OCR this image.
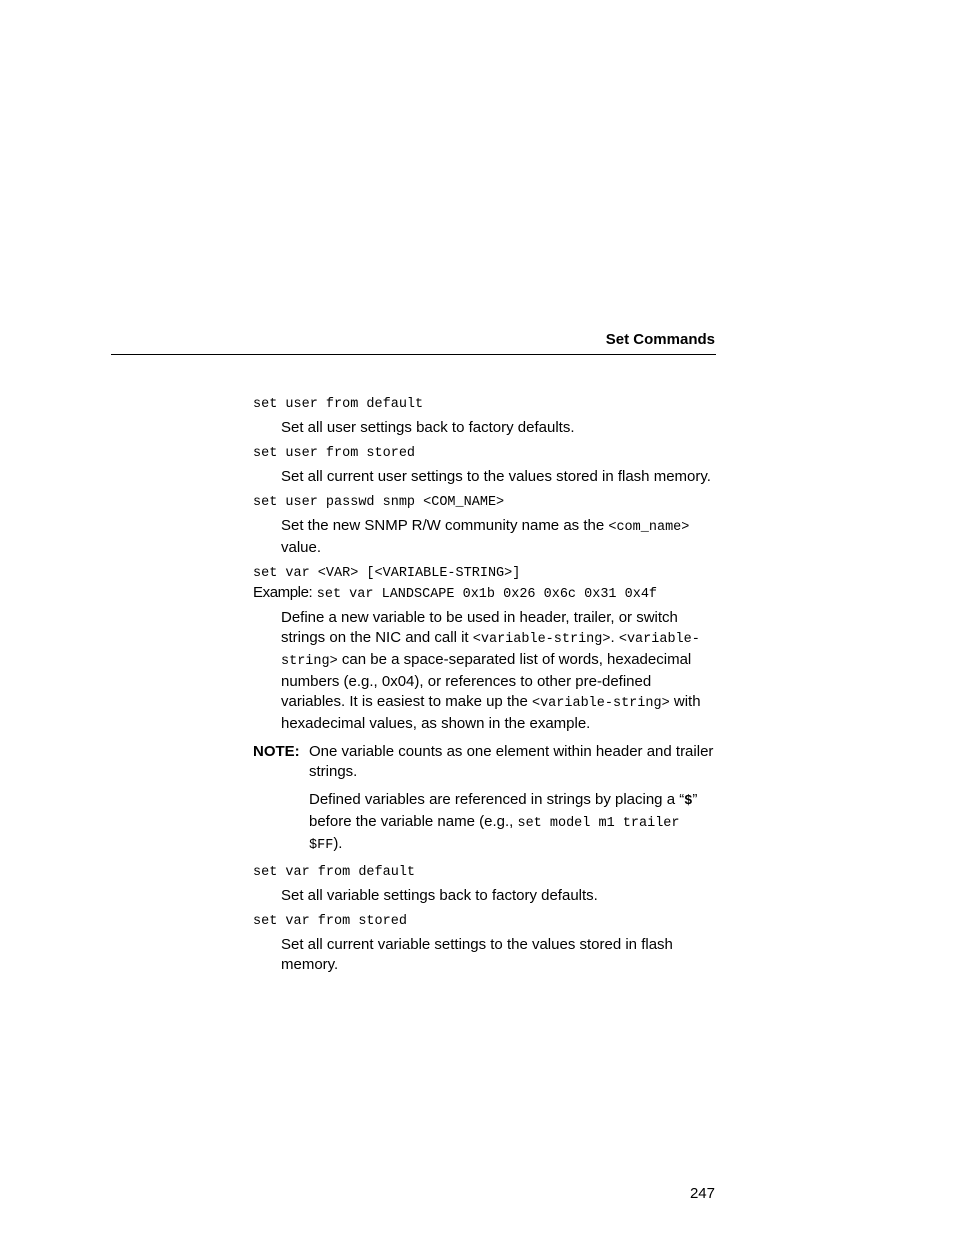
Set Commands
set user from default

Set all user settings back to factory defaults.

set user from stored

Set all current user settings to the values stored in flash memory.

set user passwd snmp <COM_NAME>

Set the new SNMP R/W community name as the <com_name> value.

set var <VAR> [<VARIABLE-STRING>]
Example: set var LANDSCAPE 0x1b 0x26 0x6c 0x31 0x4f

Define a new variable to be used in header, trailer, or switch strings on the NIC and call it <variable-string>. <variable-string> can be a space-separated list of words, hexadecimal numbers (e.g., 0x04), or references to other pre-defined variables. It is easiest to make up the <variable-string> with hexadecimal values, as shown in the example.

NOTE: One variable counts as one element within header and trailer strings.

Defined variables are referenced in strings by placing a “$” before the variable name (e.g., set model m1 trailer $FF).

set var from default

Set all variable settings back to factory defaults.

set var from stored

Set all current variable settings to the values stored in flash memory.

247
